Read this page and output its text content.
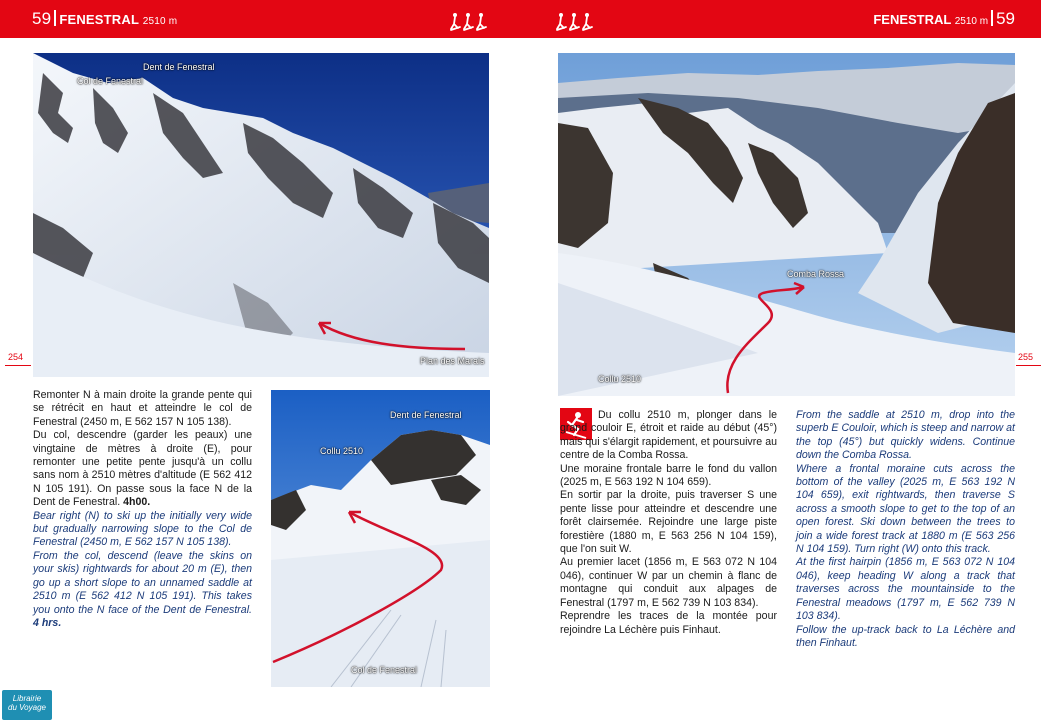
59 FENESTRAL 2510 m	FENESTRAL 2510 m 59
Dent de Fenestral
Col de Fenestral
Plan des Marais
254
Comba Rossa
Collu 2510
255
Dent de Fenestral
Collu 2510
Col de Fenestral

Remonter N à main droite la grande pente qui se rétrécit en haut et atteindre le col de Fenestral (2450 m, E 562 157 N 105 138).

Du col, descendre (garder les peaux) une vingtaine de mètres à droite (E), pour remonter une petite pente jusqu'à un collu sans nom à 2510 mètres d'altitude (E 562 412 N 105 191). On passe sous la face N de la Dent de Fenestral. 4h00.

Bear right (N) to ski up the initially very wide but gradually narrowing slope to the Col de Fenestral (2450 m, E 562 157 N 105 138).

From the col, descend (leave the skins on your skis) rightwards for about 20 m (E), then go up a short slope to an unnamed saddle at 2510 m (E 562 412 N 105 191). This takes you onto the N face of the Dent de Fenestral. 4 hrs.

Du collu 2510 m, plonger dans le grand couloir E, étroit et raide au début (45°) mais qui s'élargit rapidement, et poursuivre au centre de la Comba Rossa.

Une moraine frontale barre le fond du vallon (2025 m, E 563 192 N 104 659).

En sortir par la droite, puis traverser S une pente lisse pour atteindre et descendre une forêt clairsemée. Rejoindre une large piste forestière (1880 m, E 563 256 N 104 159), que l'on suit W.

Au premier lacet (1856 m, E 563 072 N 104 046), continuer W par un chemin à flanc de montagne qui conduit aux alpages de Fenestral (1797 m, E 562 739 N 103 834).

Reprendre les traces de la montée pour rejoindre La Léchère puis Finhaut.

From the saddle at 2510 m, drop into the superb E Couloir, which is steep and narrow at the top (45°) but quickly widens. Continue down the Comba Rossa.

Where a frontal moraine cuts across the bottom of the valley (2025 m, E 563 192 N 104 659), exit rightwards, then traverse S across a smooth slope to get to the top of an open forest. Ski down between the trees to join a wide forest track at 1880 m (E 563 256 N 104 159). Turn right (W) onto this track.

At the first hairpin (1856 m, E 563 072 N 104 046), keep heading W along a track that traverses across the mountainside to the Fenestral meadows (1797 m, E 562 739 N 103 834).

Follow the up-track back to La Léchère and then Finhaut.

Librairie
du Voyage
